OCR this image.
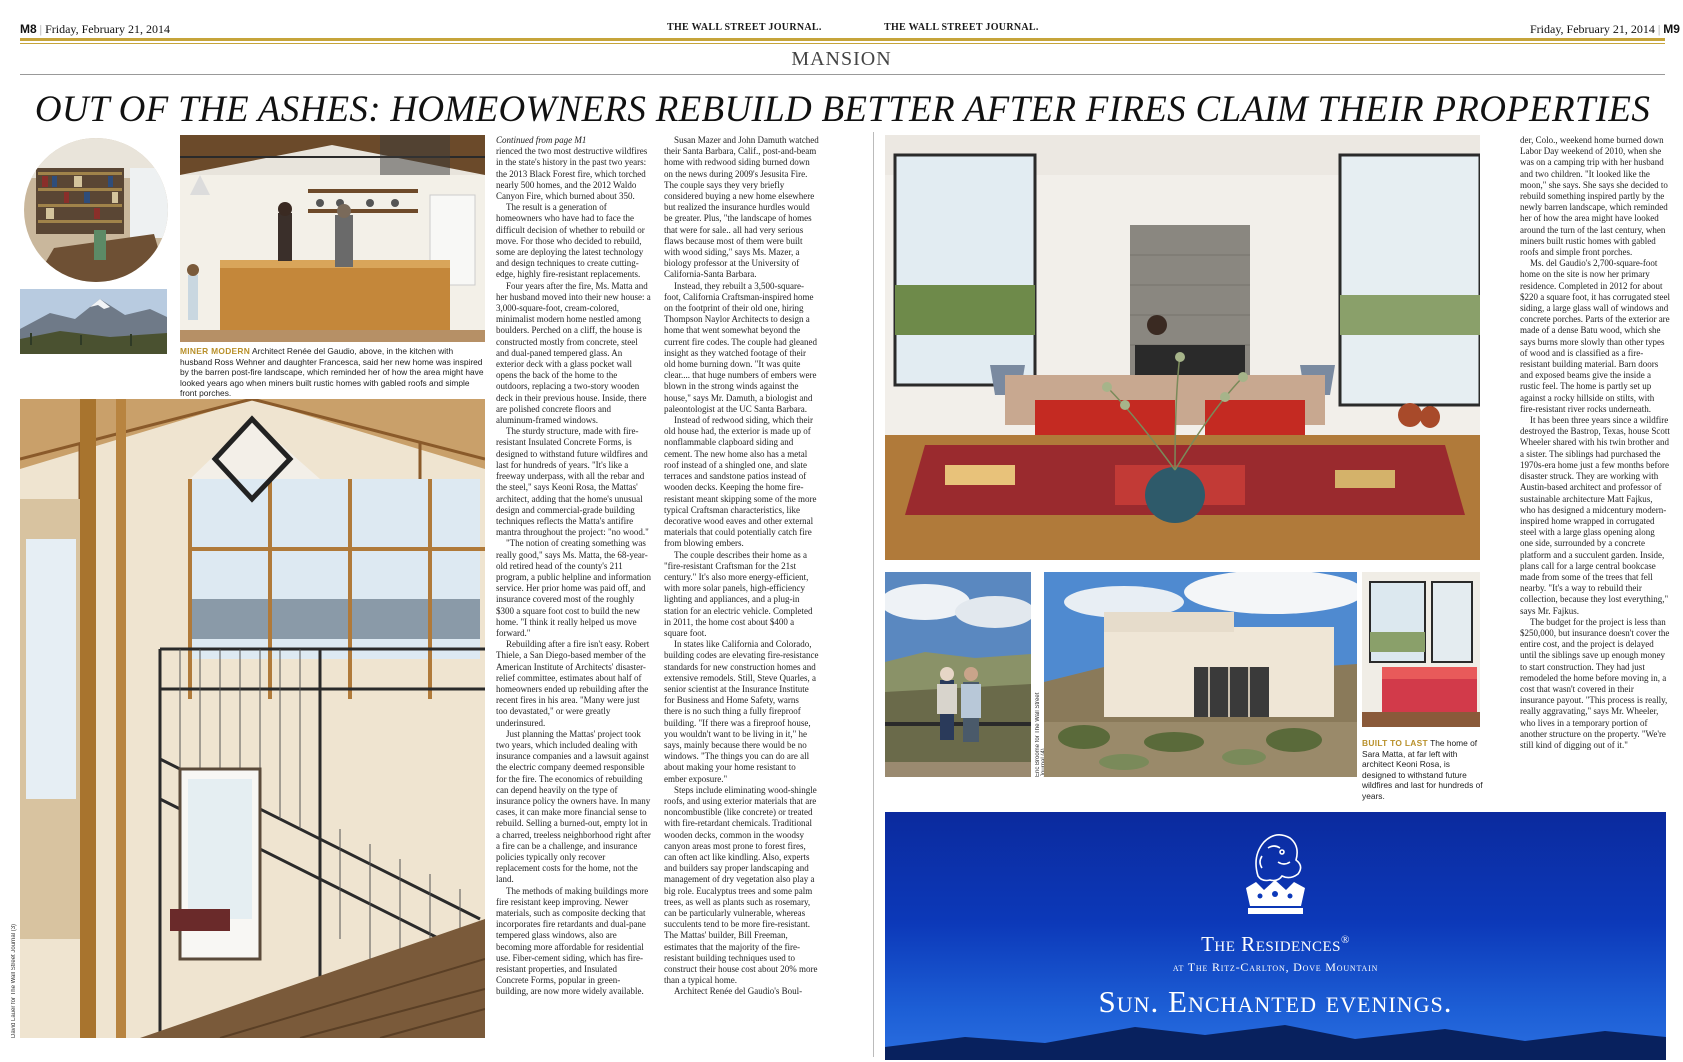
M8 | Friday, February 21, 2014	THE WALL STREET JOURNAL.	THE WALL STREET JOURNAL.	Friday, February 21, 2014 | M9
MANSION
OUT OF THE ASHES: HOMEOWNERS REBUILD BETTER AFTER FIRES CLAIM THEIR PROPERTIES
MINER MODERN Architect Renée del Gaudio, above, in the kitchen with husband Ross Wehner and daughter Francesca, said her new home was inspired by the barren post-fire landscape, which reminded her of how the area might have looked years ago when miners built rustic homes with gabled roofs and simple front porches.
David Lauer for The Wall Street Journal (3)
Continued from page M1

rienced the two most destructive wildfires in the state's history in the past two years: the 2013 Black Forest fire, which torched nearly 500 homes, and the 2012 Waldo Canyon Fire, which burned about 350.

The result is a generation of homeowners who have had to face the difficult decision of whether to rebuild or move. For those who decided to rebuild, some are deploying the latest technology and design techniques to create cutting-edge, highly fire-resistant replacements.

Four years after the fire, Ms. Matta and her husband moved into their new house: a 3,000-square-foot, cream-colored, minimalist modern home nestled among boulders. Perched on a cliff, the house is constructed mostly from concrete, steel and dual-paned tempered glass. An exterior deck with a glass pocket wall opens the back of the home to the outdoors, replacing a two-story wooden deck in their previous house. Inside, there are polished concrete floors and aluminum-framed windows.

The sturdy structure, made with fire-resistant Insulated Concrete Forms, is designed to withstand future wildfires and last for hundreds of years. "It's like a freeway underpass, with all the rebar and the steel," says Keoni Rosa, the Mattas' architect, adding that the home's unusual design and commercial-grade building techniques reflects the Matta's antifire mantra throughout the project: "no wood."

"The notion of creating something was really good," says Ms. Matta, the 68-year-old retired head of the county's 211 program, a public helpline and information service. Her prior home was paid off, and insurance covered most of the roughly $300 a square foot cost to build the new home. "I think it really helped us move forward."

Rebuilding after a fire isn't easy. Robert Thiele, a San Diego-based member of the American Institute of Architects' disaster-relief committee, estimates about half of homeowners ended up rebuilding after the recent fires in his area. "Many were just too devastated," or were greatly underinsured.

Just planning the Mattas' project took two years, which included dealing with insurance companies and a lawsuit against the electric company deemed responsible for the fire. The economics of rebuilding can depend heavily on the type of insurance policy the owners have. In many cases, it can make more financial sense to rebuild. Selling a burned-out, empty lot in a charred, treeless neighborhood right after a fire can be a challenge, and insurance policies typically only recover replacement costs for the home, not the land.

The methods of making buildings more fire resistant keep improving. Newer materials, such as composite decking that incorporates fire retardants and dual-pane tempered glass windows, also are becoming more affordable for residential use. Fiber-cement siding, which has fire-resistant properties, and Insulated Concrete Forms, popular in green-building, are now more widely available.

Susan Mazer and John Damuth watched their Santa Barbara, Calif., post-and-beam home with redwood siding burned down on the news during 2009's Jesusita Fire. The couple says they very briefly considered buying a new home elsewhere but realized the insurance hurdles would be greater. Plus, "the landscape of homes that were for sale.. all had very serious flaws because most of them were built with wood siding," says Ms. Mazer, a biology professor at the University of California-Santa Barbara.

Instead, they rebuilt a 3,500-square-foot, California Craftsman-inspired home on the footprint of their old one, hiring Thompson Naylor Architects to design a home that went somewhat beyond the current fire codes. The couple had gleaned insight as they watched footage of their old home burning down. "It was quite clear.... that huge numbers of embers were blown in the strong winds against the house," says Mr. Damuth, a biologist and paleontologist at the UC Santa Barbara.

Instead of redwood siding, which their old house had, the exterior is made up of nonflammable clapboard siding and cement. The new home also has a metal roof instead of a shingled one, and slate terraces and sandstone patios instead of wooden decks. Keeping the home fire-resistant meant skipping some of the more typical Craftsman characteristics, like decorative wood eaves and other external materials that could potentially catch fire from blowing embers.

The couple describes their home as a "fire-resistant Craftsman for the 21st century." It's also more energy-efficient, with more solar panels, high-efficiency lighting and appliances, and a plug-in station for an electric vehicle. Completed in 2011, the home cost about $400 a square foot.

In states like California and Colorado, building codes are elevating fire-resistance standards for new construction homes and extensive remodels. Still, Steve Quarles, a senior scientist at the Insurance Institute for Business and Home Safety, warns there is no such thing a fully fireproof building. "If there was a fireproof house, you wouldn't want to be living in it," he says, mainly because there would be no windows. "The things you can do are all about making your home resistant to ember exposure."

Steps include eliminating wood-shingle roofs, and using exterior materials that are noncombustible (like concrete) or treated with fire-retardant chemicals. Traditional wooden decks, common in the woodsy canyon areas most prone to forest fires, can often act like kindling. Also, experts and builders say proper landscaping and management of dry vegetation also play a big role. Eucalyptus trees and some palm trees, as well as plants such as rosemary, can be particularly vulnerable, whereas succulents tend to be more fire-resistant. The Mattas' builder, Bill Freeman, estimates that the majority of the fire-resistant building techniques used to construct their house cost about 20% more than a typical home.

Architect Renée del Gaudio's Boul-

Eric Broome for The Wall Street
BUILT TO LAST The home of Sara Matta, at far left with architect Keoni Rosa, is designed to withstand future wildfires and last for hundreds of years.

der, Colo., weekend home burned down Labor Day weekend of 2010, when she was on a camping trip with her husband and two children. "It looked like the moon," she says. She says she decided to rebuild something inspired partly by the newly barren landscape, which reminded her of how the area might have looked around the turn of the last century, when miners built rustic homes with gabled roofs and simple front porches.

Ms. del Gaudio's 2,700-square-foot home on the site is now her primary residence. Completed in 2012 for about $220 a square foot, it has corrugated steel siding, a large glass wall of windows and concrete porches. Parts of the exterior are made of a dense Batu wood, which she says burns more slowly than other types of wood and is classified as a fire-resistant building material. Barn doors and exposed beams give the inside a rustic feel. The home is partly set up against a rocky hillside on stilts, with fire-resistant river rocks underneath.

It has been three years since a wildfire destroyed the Bastrop, Texas, house Scott Wheeler shared with his twin brother and a sister. The siblings had purchased the 1970s-era home just a few months before disaster struck. They are working with Austin-based architect and professor of sustainable architecture Matt Fajkus, who has designed a midcentury modern-inspired home wrapped in corrugated steel with a large glass opening along one side, surrounded by a concrete platform and a succulent garden. Inside, plans call for a large central bookcase made from some of the trees that fell nearby. "It's a way to rebuild their collection, because they lost everything," says Mr. Fajkus.

The budget for the project is less than $250,000, but insurance doesn't cover the entire cost, and the project is delayed until the siblings save up enough money to start construction. They had just remodeled the home before moving in, a cost that wasn't covered in their insurance payout. "This process is really, really aggravating," says Mr. Wheeler, who lives in a temporary portion of another structure on the property. "We're still kind of digging out of it."

The Residences®
at The Ritz-Carlton, Dove Mountain
Sun. Enchanted evenings.
